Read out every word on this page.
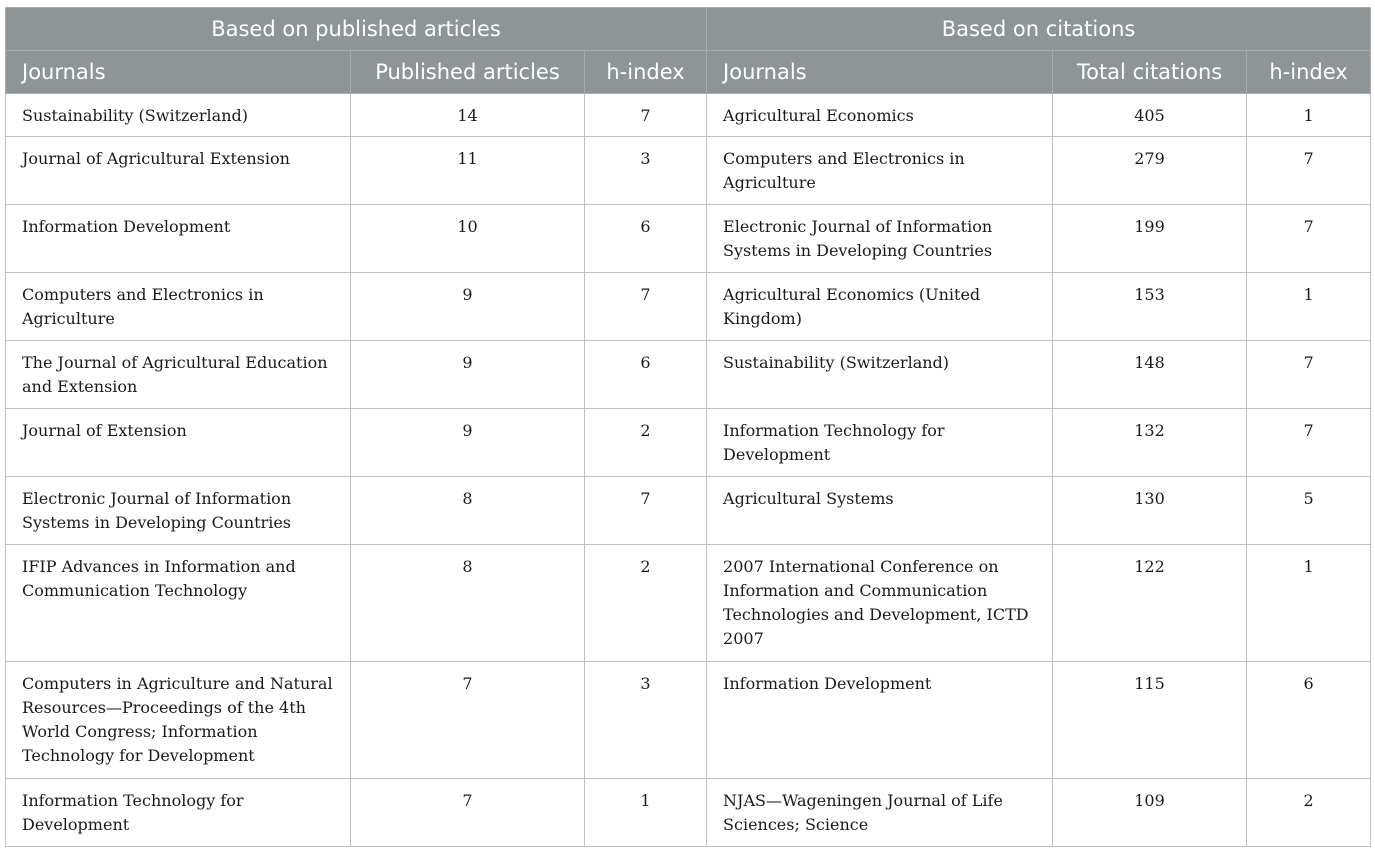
Based on published articles			Based on citations		
Journals	Published articles	h-index	Journals	Total citations	h-index
Sustainability (Switzerland)	14	7	Agricultural Economics	405	1
Journal of Agricultural Extension	11	3	Computers and Electronics in Agriculture	279	7
Information Development	10	6	Electronic Journal of Information Systems in Developing Countries	199	7
Computers and Electronics in Agriculture	9	7	Agricultural Economics (United Kingdom)	153	1
The Journal of Agricultural Education and Extension	9	6	Sustainability (Switzerland)	148	7
Journal of Extension	9	2	Information Technology for Development	132	7
Electronic Journal of Information Systems in Developing Countries	8	7	Agricultural Systems	130	5
IFIP Advances in Information and Communication Technology	8	2	2007 International Conference on Information and Communication Technologies and Development, ICTD 2007	122	1
Computers in Agriculture and Natural Resources—Proceedings of the 4th World Congress; Information Technology for Development	7	3	Information Development	115	6
Information Technology for Development	7	1	NJAS—Wageningen Journal of Life Sciences; Science	109	2
